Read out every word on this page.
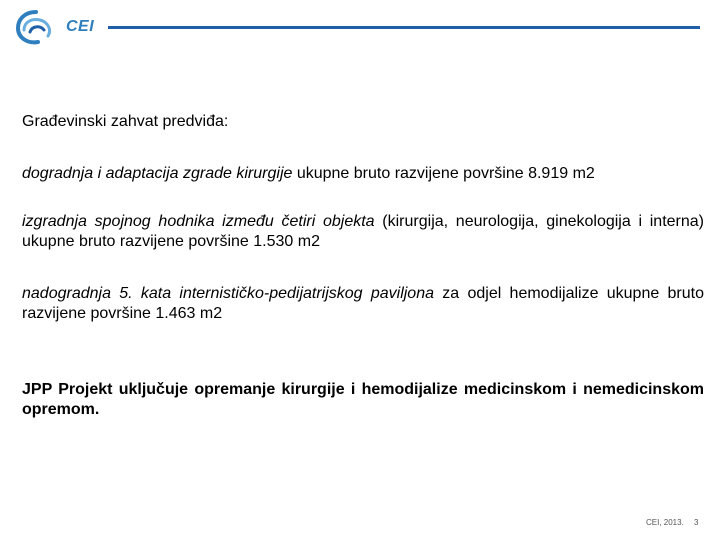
CEI
Građevinski zahvat predviđa:
dogradnja i adaptacija zgrade kirurgije ukupne bruto razvijene površine 8.919 m2
izgradnja spojnog hodnika između četiri objekta (kirurgija, neurologija, ginekologija i interna) ukupne bruto razvijene površine 1.530 m2
nadogradnja 5. kata internističko-pedijatrijskog paviljona za odjel hemodijalize ukupne bruto razvijene površine 1.463 m2
JPP Projekt uključuje opremanje kirurgije i hemodijalize medicinskom i nemedicinskom opremom.
CEI, 2013. 3
